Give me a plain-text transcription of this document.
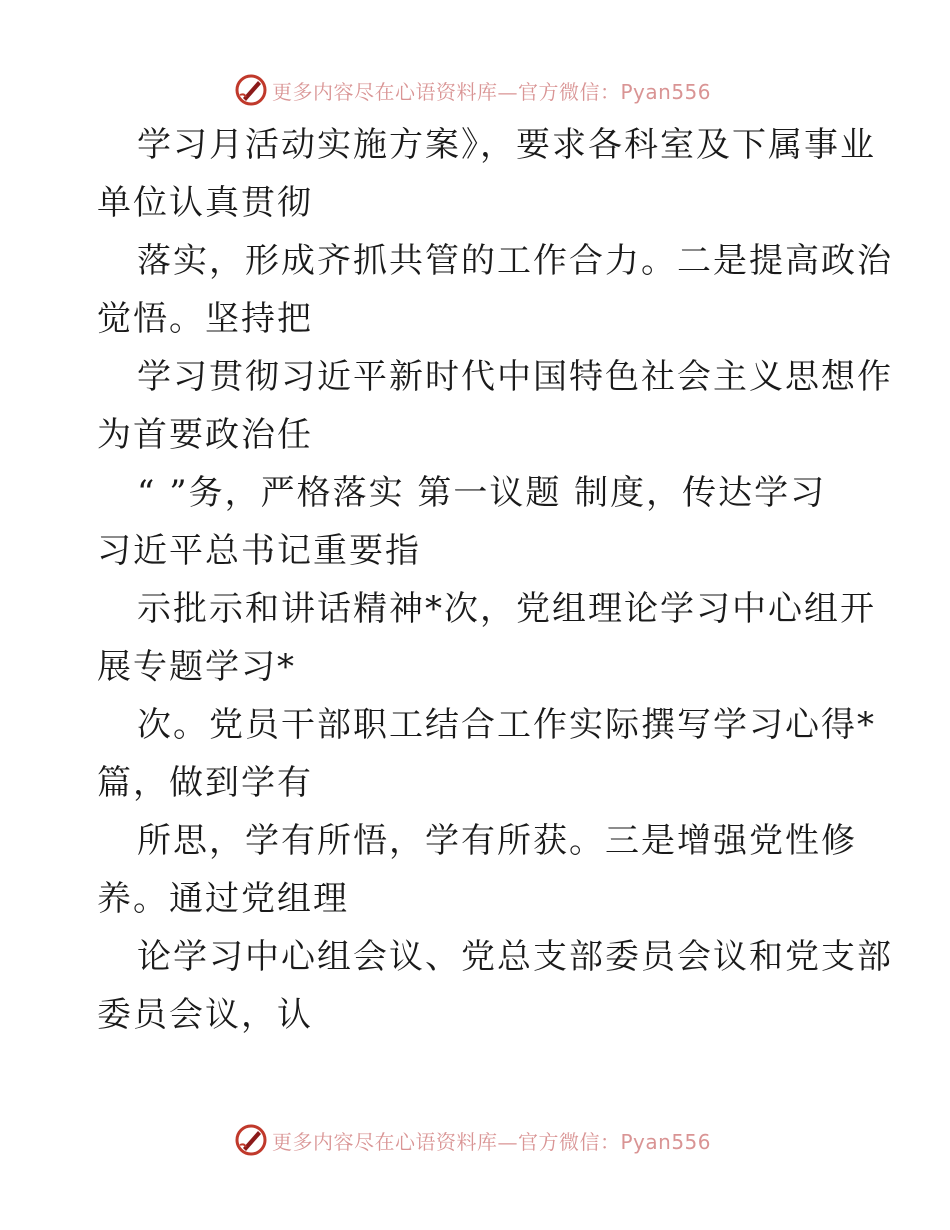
更多内容尽在心语资料库—官方微信：Pyan556
学习月活动实施方案》，要求各科室及下属事业
单位认真贯彻
落实，形成齐抓共管的工作合力。二是提高政治
觉悟。坚持把
学习贯彻习近平新时代中国特色社会主义思想作
为首要政治任
“ ”务，严格落实 第一议题 制度，传达学习
习近平总书记重要指
示批示和讲话精神*次，党组理论学习中心组开
展专题学习*
次。党员干部职工结合工作实际撰写学习心得*
篇，做到学有
所思，学有所悟，学有所获。三是增强党性修
养。通过党组理
论学习中心组会议、党总支部委员会议和党支部
委员会议，认
更多内容尽在心语资料库—官方微信：Pyan556
